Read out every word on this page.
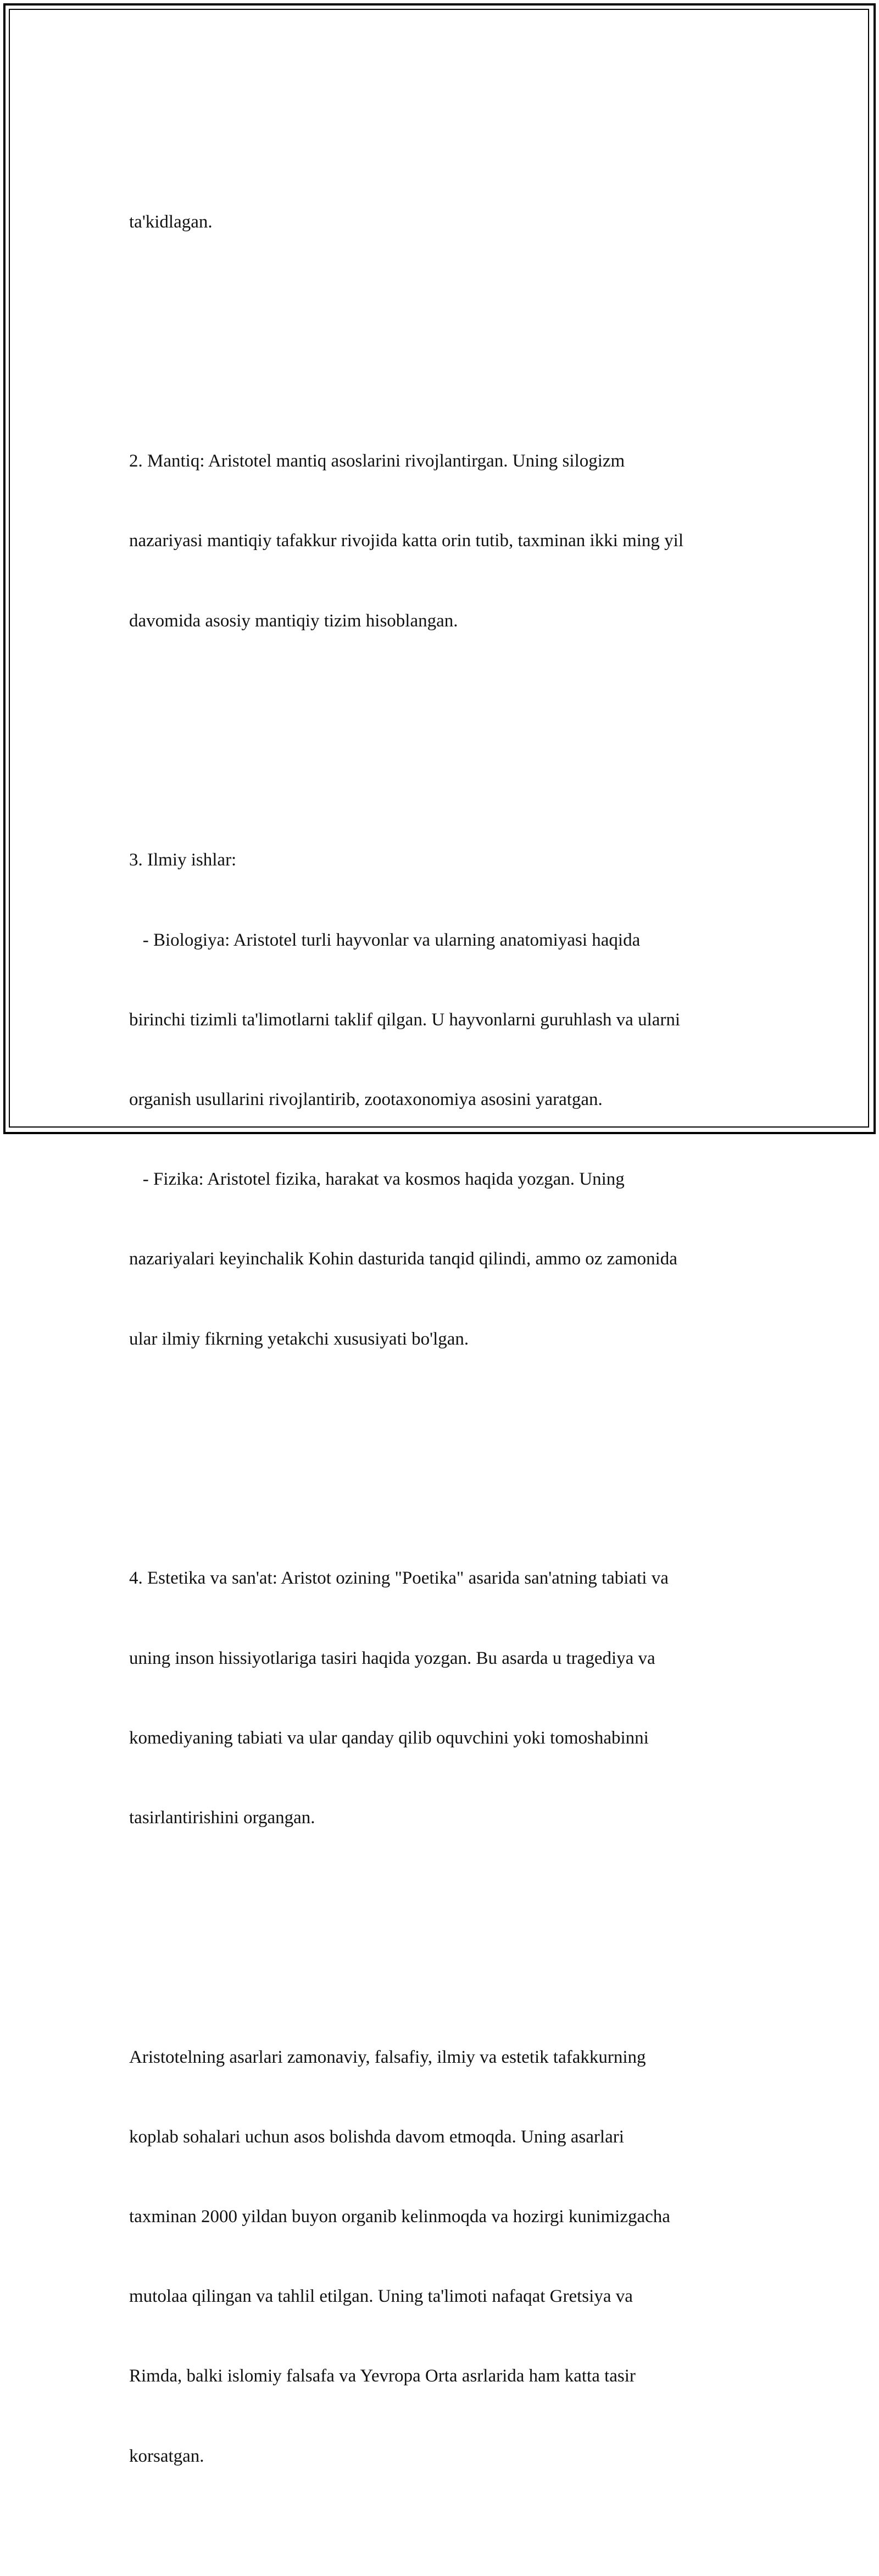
ta'kidlagan.

2. Mantiq: Aristotel mantiq asoslarini rivojlantirgan. Uning silogizm

nazariyasi mantiqiy tafakkur rivojida katta orin tutib, taxminan ikki ming yil

davomida asosiy mantiqiy tizim hisoblangan.

3. Ilmiy ishlar:

- Biologiya: Aristotel turli hayvonlar va ularning anatomiyasi haqida

birinchi tizimli ta'limotlarni taklif qilgan. U hayvonlarni guruhlash va ularni

organish usullarini rivojlantirib, zootaxonomiya asosini yaratgan.

- Fizika: Aristotel fizika, harakat va kosmos haqida yozgan. Uning

nazariyalari keyinchalik Kohin dasturida tanqid qilindi, ammo oz zamonida

ular ilmiy fikrning yetakchi xususiyati bo'lgan.

4. Estetika va san'at: Aristot ozining "Poetika" asarida san'atning tabiati va

uning inson hissiyotlariga tasiri haqida yozgan. Bu asarda u tragediya va

komediyaning tabiati va ular qanday qilib oquvchini yoki tomoshabinni

tasirlantirishini organgan.

Aristotelning asarlari zamonaviy, falsafiy, ilmiy va estetik tafakkurning

koplab sohalari uchun asos bolishda davom etmoqda. Uning asarlari

taxminan 2000 yildan buyon organib kelinmoqda va hozirgi kunimizgacha

mutolaa qilingan va tahlil etilgan. Uning ta'limoti nafaqat Gretsiya va

Rimda, balki islomiy falsafa va Yevropa Orta asrlarida ham katta tasir

korsatgan.
